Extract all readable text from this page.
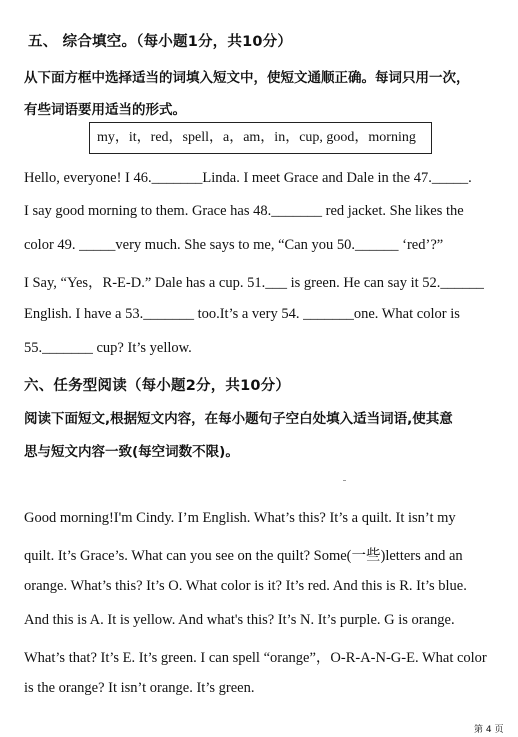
五、 综合填空。（每小题1分，共10分）
从下面方框中选择适当的词填入短文中，使短文通顺正确。每词只用一次，
有些词语要用适当的形式。
my，it，red，spell，a，am，in，cup, good，morning
Hello, everyone! I 46._______Linda. I meet Grace and Dale in the 47._____.
I say good morning to them. Grace has 48._______ red jacket. She likes the
color 49. _____very much. She says to me, “Can you 50.______ ‘red’?”
I Say, “Yes，R-E-D.” Dale has a cup. 51.___ is green. He can say it 52.______
English. I have a 53._______ too.It’s a very 54. _______one. What color is
55._______ cup? It’s yellow.
六、任务型阅读（每小题2分，共10分）
阅读下面短文,根据短文内容，在每小题句子空白处填入适当词语,使其意
思与短文内容一致(每空词数不限)。
Good morning!I'm Cindy. I’m English. What’s this? It’s a quilt. It isn’t my
quilt. It’s Grace’s. What can you see on the quilt? Some(一些)letters and an
orange. What’s this? It’s O. What color is it? It’s red. And this is R. It’s blue.
And this is A. It is yellow. And what's this? It’s N. It’s purple. G is orange.
What’s that? It’s E. It’s green. I can spell “orange”，O-R-A-N-G-E. What color
is the orange? It isn’t orange. It’s green.
第 4 页
